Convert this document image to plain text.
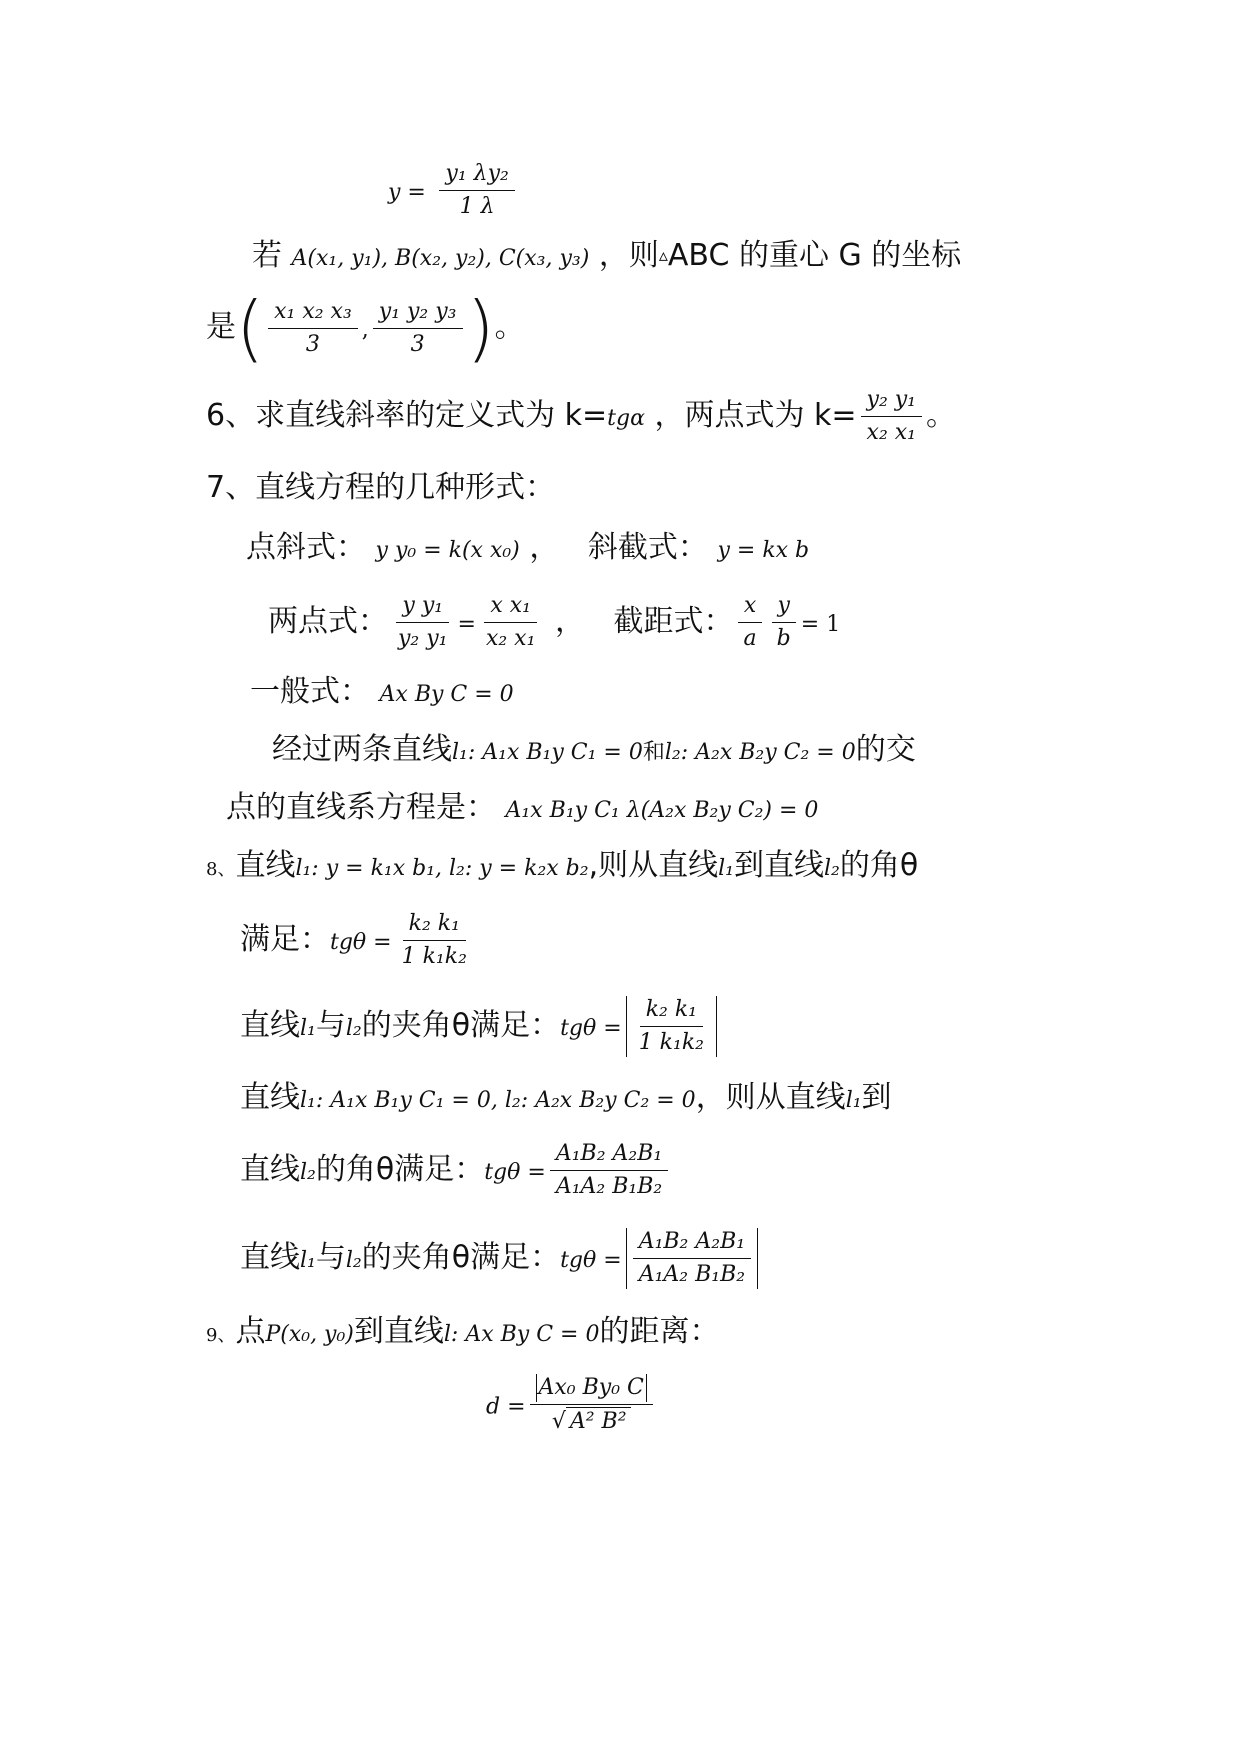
$y = \frac{\text{y₁ λy₂}}{1 \lambda}$
若 A(x₁, y₁), B(x₂, y₂), C(x₃, y₃) ，则▵ABC 的重心 G 的坐标
是( $\frac{\text{x₁ x₂ x₃}}{3}$ , $\frac{\text{y₁ y₂ y₃}}{3}$ )。
6、求直线斜率的定义式为 k=tgα ，两点式为 $k= \frac{\text{y₂ y₁}}{\text{x₂ x₁}}$ 。
7、直线方程的几种形式：
点斜式： y y₀ = k(x x₀) ， 斜截式： y = kx b
两点式： $\frac{\text{y y₁}}{\text{y₂ y₁}} = \frac{\text{x x₁}}{\text{x₂ x₁}}$ ， 截距式： $\frac{x}{a} \frac{y}{b} = 1$
一般式： Ax By C = 0
经过两条直线l₁: A₁x B₁y C₁ = 0和l₂: A₂x B₂y C₂ = 0的交
点的直线系方程是： A₁x B₁y C₁ λ(A₂x B₂y C₂) = 0
8、直线l₁: y = k₁x b₁, l₂: y = k₂x b₂,则从直线l₁到直线l₂的角θ
满足：$tg\theta = \frac{\text{k₂ k₁}}{\text{1 k₁k₂}}$
直线l₁与l₂的夹角θ满足：$tg\theta = \frac{\text{k₂ k₁}}{\text{1 k₁k₂}}$
直线l₁: A₁x B₁y C₁ = 0, l₂: A₂x B₂y C₂ = 0，则从直线l₁到
直线l₂的角θ满足：$tg\theta = \frac{\text{A₁B₂ A₂B₁}}{\text{A₁A₂ B₁B₂}}$
直线l₁与l₂的夹角θ满足：$tg\theta = \frac{\text{A₁B₂ A₂B₁}}{\text{A₁A₂ B₁B₂}}$
9、点P(x₀, y₀)到直线l: Ax By C = 0的距离：
$d = \frac{\text{Ax₀ By₀ C}}{\text{√ A² B²}}$
